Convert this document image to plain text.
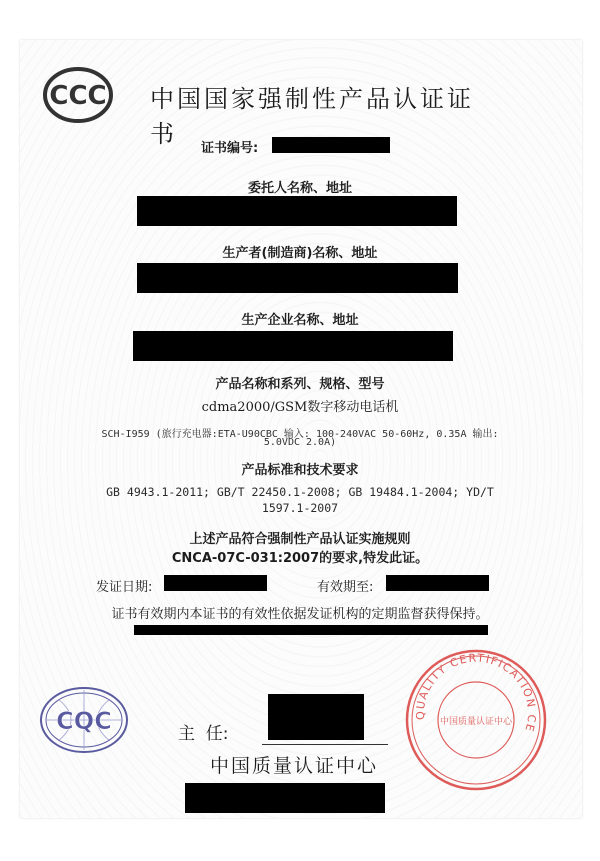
CCC 中国国家强制性产品认证证书
证书编号:
委托人名称、地址
生产者(制造商)名称、地址
生产企业名称、地址
产品名称和系列、规格、型号
cdma2000/GSM数字移动电话机
SCH-I959 (旅行充电器:ETA-U90CBC 输入: 100-240VAC 50-60Hz, 0.35A 输出:
5.0VDC 2.0A)
产品标准和技术要求
GB 4943.1-2011; GB/T 22450.1-2008; GB 19484.1-2004; YD/T
1597.1-2007
上述产品符合强制性产品认证实施规则
CNCA-07C-031:2007的要求,特发此证。
发证日期:	有效期至:
证书有效期内本证书的有效性依据发证机构的定期监督获得保持。
CQC	主  任:
中国质量认证中心
QUALITY CERTIFICATION CE
中国质量认证中心
